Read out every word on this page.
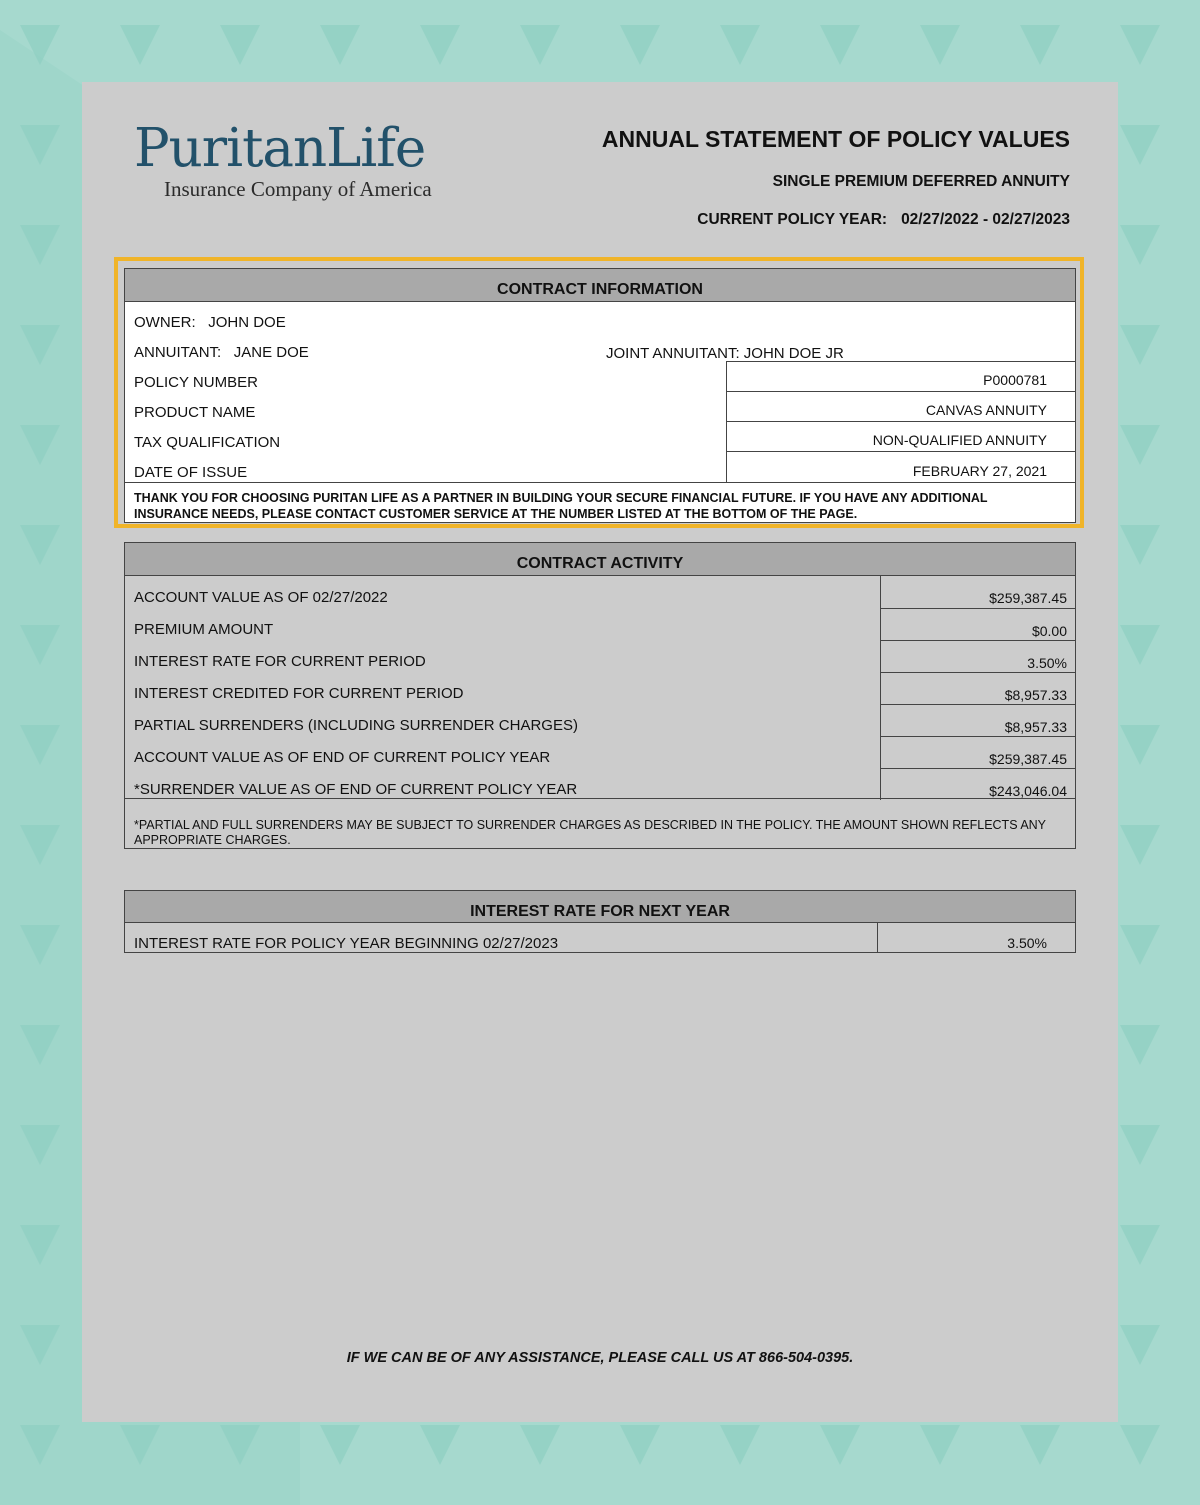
PuritanLife
Insurance Company of America
ANNUAL STATEMENT OF POLICY VALUES
SINGLE PREMIUM DEFERRED ANNUITY
CURRENT POLICY YEAR: 02/27/2022 - 02/27/2023
CONTRACT INFORMATION
OWNER: JOHN DOE
ANNUITANT: JANE DOE	JOINT ANNUITANT: JOHN DOE JR
POLICY NUMBER	P0000781
PRODUCT NAME	CANVAS ANNUITY
TAX QUALIFICATION	NON-QUALIFIED ANNUITY
DATE OF ISSUE	FEBRUARY 27, 2021
THANK YOU FOR CHOOSING PURITAN LIFE AS A PARTNER IN BUILDING YOUR SECURE FINANCIAL FUTURE. IF YOU HAVE ANY ADDITIONAL INSURANCE NEEDS, PLEASE CONTACT CUSTOMER SERVICE AT THE NUMBER LISTED AT THE BOTTOM OF THE PAGE.
CONTRACT ACTIVITY
ACCOUNT VALUE AS OF 02/27/2022	$259,387.45
PREMIUM AMOUNT	$0.00
INTEREST RATE FOR CURRENT PERIOD	3.50%
INTEREST CREDITED FOR CURRENT PERIOD	$8,957.33
PARTIAL SURRENDERS (INCLUDING SURRENDER CHARGES)	$8,957.33
ACCOUNT VALUE AS OF END OF CURRENT POLICY YEAR	$259,387.45
*SURRENDER VALUE AS OF END OF CURRENT POLICY YEAR	$243,046.04
*PARTIAL AND FULL SURRENDERS MAY BE SUBJECT TO SURRENDER CHARGES AS DESCRIBED IN THE POLICY. THE AMOUNT SHOWN REFLECTS ANY APPROPRIATE CHARGES.
INTEREST RATE FOR NEXT YEAR
INTEREST RATE FOR POLICY YEAR BEGINNING 02/27/2023	3.50%
IF WE CAN BE OF ANY ASSISTANCE, PLEASE CALL US AT 866-504-0395.
